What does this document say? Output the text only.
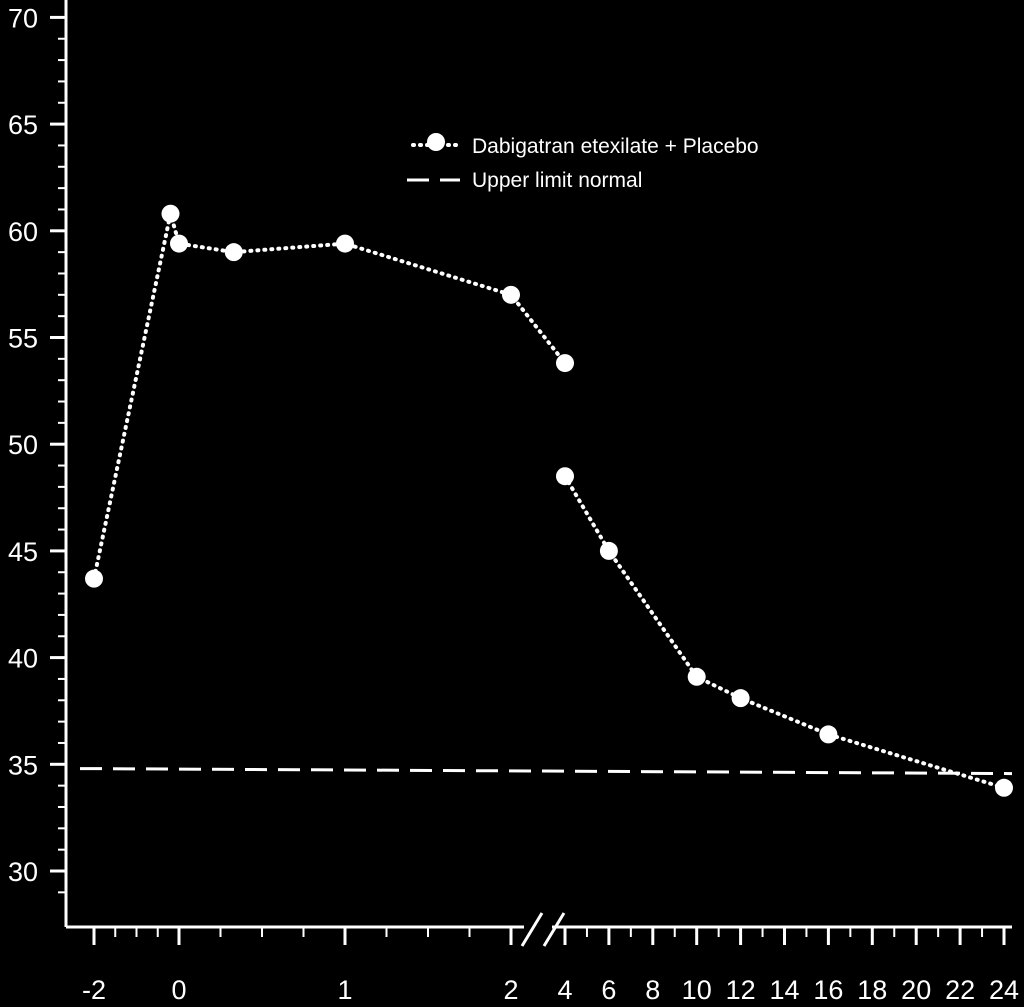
30
35
40
45
50
55
60
65
70
-2 0	1	2 4 6 8 10 12 14 16 18 20 22 24
Dabigatran etexilate + Placebo
Upper limit normal
